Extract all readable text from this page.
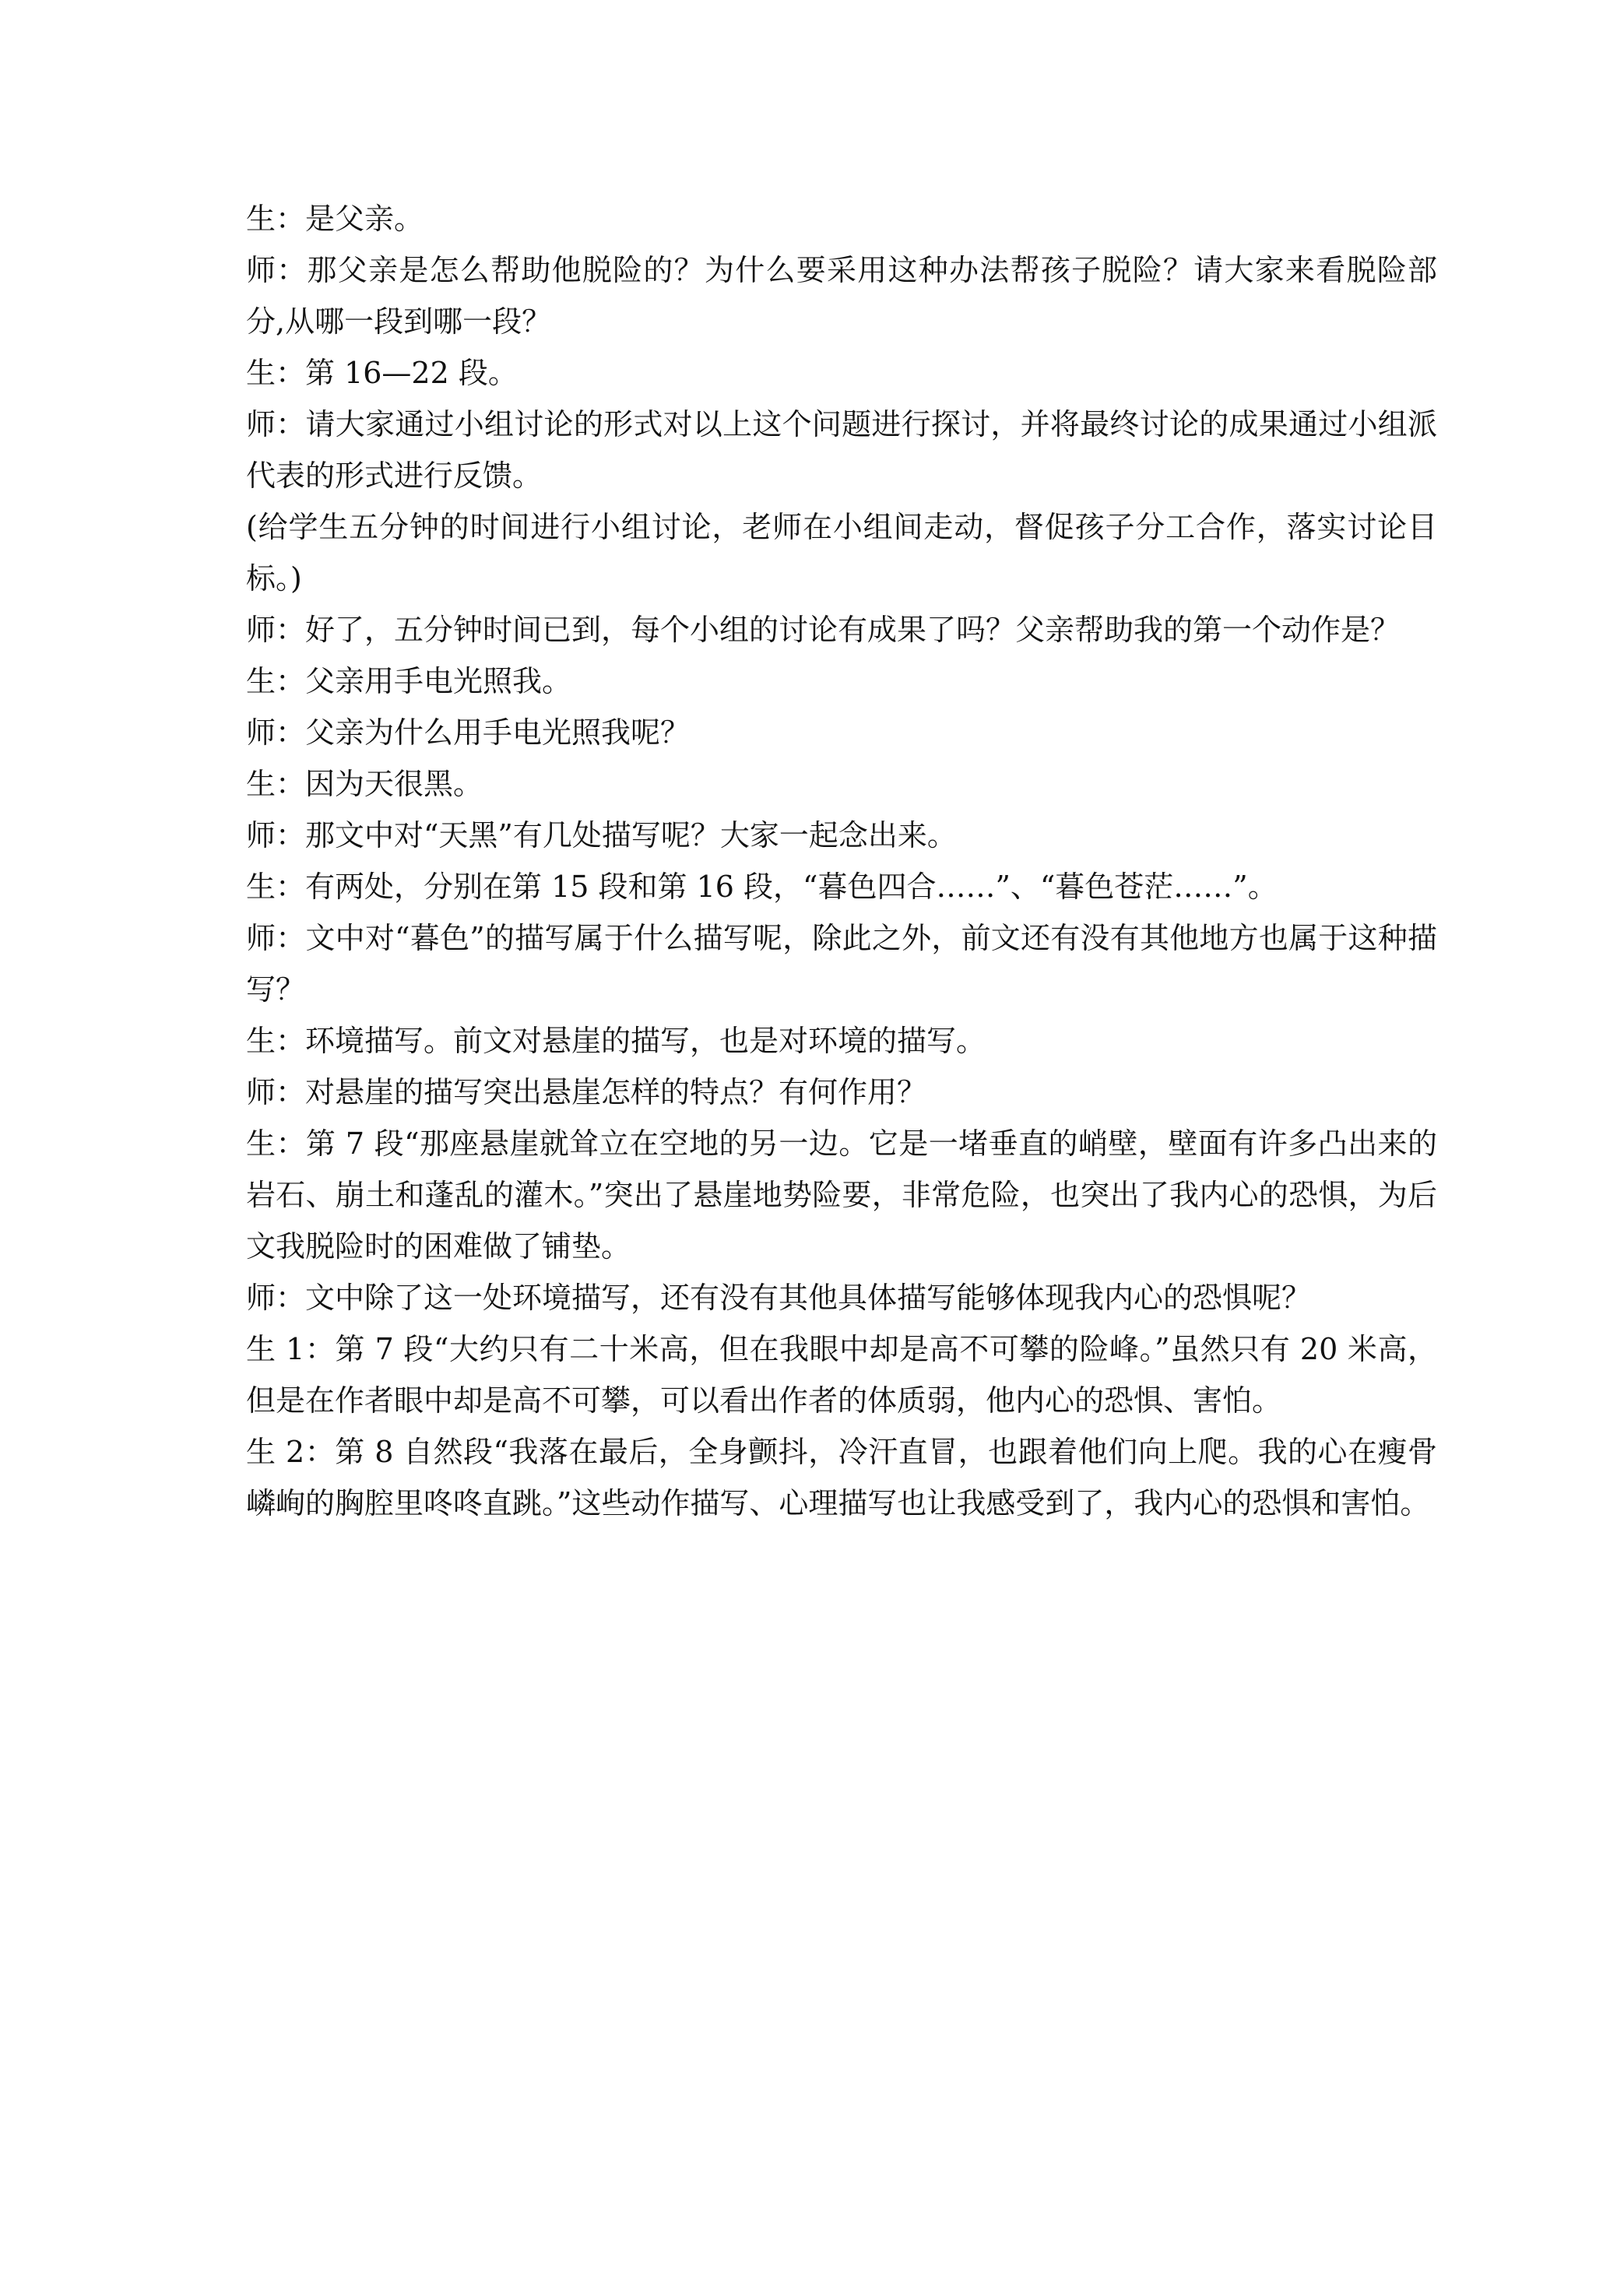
生：是父亲。

师：那父亲是怎么帮助他脱险的？为什么要采用这种办法帮孩子脱险？请大家来看脱险部分,从哪一段到哪一段？

生：第 16—22 段。

师：请大家通过小组讨论的形式对以上这个问题进行探讨，并将最终讨论的成果通过小组派代表的形式进行反馈。

(给学生五分钟的时间进行小组讨论，老师在小组间走动，督促孩子分工合作，落实讨论目标。)

师：好了，五分钟时间已到，每个小组的讨论有成果了吗？父亲帮助我的第一个动作是？

生：父亲用手电光照我。

师：父亲为什么用手电光照我呢？

生：因为天很黑。

师：那文中对“天黑”有几处描写呢？大家一起念出来。

生：有两处，分别在第 15 段和第 16 段，“暮色四合……”、“暮色苍茫……”。

师：文中对“暮色”的描写属于什么描写呢，除此之外，前文还有没有其他地方也属于这种描写？

生：环境描写。前文对悬崖的描写，也是对环境的描写。

师：对悬崖的描写突出悬崖怎样的特点？有何作用？

生：第 7 段“那座悬崖就耸立在空地的另一边。它是一堵垂直的峭壁，壁面有许多凸出来的岩石、崩土和蓬乱的灌木。”突出了悬崖地势险要，非常危险，也突出了我内心的恐惧，为后文我脱险时的困难做了铺垫。

师：文中除了这一处环境描写，还有没有其他具体描写能够体现我内心的恐惧呢？

生 1：第 7 段“大约只有二十米高，但在我眼中却是高不可攀的险峰。”虽然只有 20 米高，但是在作者眼中却是高不可攀，可以看出作者的体质弱，他内心的恐惧、害怕。

生 2：第 8 自然段“我落在最后，全身颤抖，冷汗直冒，也跟着他们向上爬。我的心在瘦骨嶙峋的胸腔里咚咚直跳。”这些动作描写、心理描写也让我感受到了，我内心的恐惧和害怕。
